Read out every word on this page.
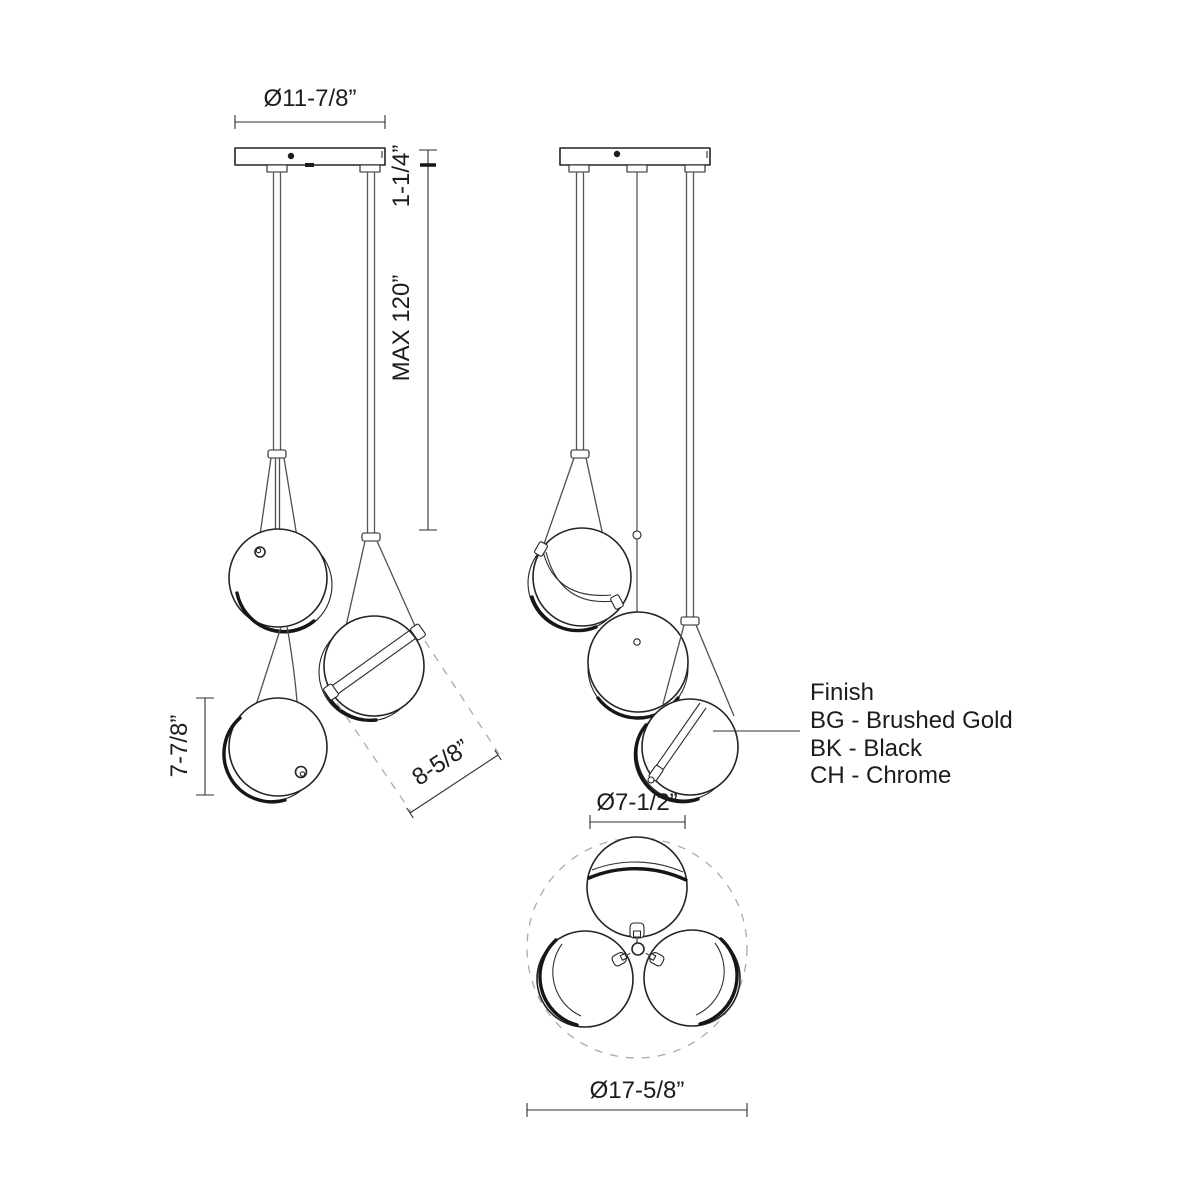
Ø11-7/8”
1-1/4”
MAX 120”
7-7/8”	8-5/8”
Finish
BG - Brushed Gold
BK - Black
CH - Chrome
Ø7-1/2”
Ø17-5/8”
